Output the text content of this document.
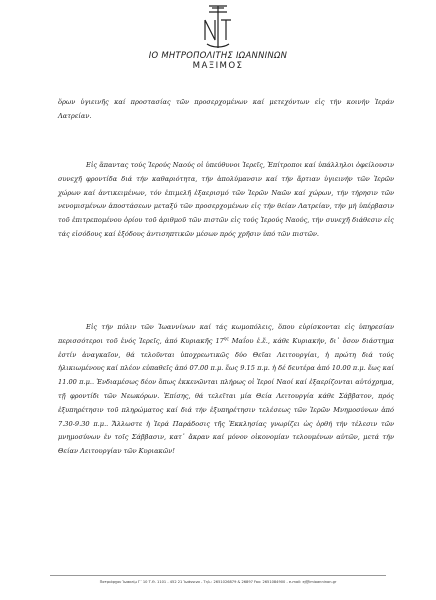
ΙΟ ΜΗΤΡΟΠΟΛΙΤΗΣ ΙΩΑΝΝΙΝΩΝ
ΜΑΞΙΜΟΣ
ὅρων ὑγιεινῆς καί προστασίας τῶν προσερχομένων καί μετεχόντων εἰς τήν κοινήν Ἱεράν Λατρείαν.
Εἰς ἅπαντας τούς Ἱερούς Ναούς οἱ ὑπεύθυνοι Ἱερεῖς, Ἐπίτροποι καί ὑπάλληλοι ὀφείλουσιν συνεχῆ φροντίδα διά τήν καθαριότητα, τήν ἀπολύμανσιν καί τήν ἄρτιαν ὑγιεινήν τῶν Ἱερῶν χώρων καί ἀντικειμένων, τόν ἐπιμελῆ ἐξαερισμό τῶν Ἱερῶν Ναῶν καί χώρων, τήν τήρησιν τῶν νενομισμένων ἀποστάσεων μεταξύ τῶν προσερχομένων εἰς τήν θείαν Λατρείαν, τήν μή ὑπέρβασιν τοῦ ἐπιτρεπομένου ὁρίου τοῦ ἀριθμοῦ τῶν πιστῶν εἰς τούς Ἱερούς Ναούς, τήν συνεχῆ διάθεσιν εἰς τάς εἰσόδους καί ἐξόδους ἀντισηπτικῶν μέσων πρός χρῆσιν ὑπό τῶν πιστῶν.
Εἰς τήν πόλιν τῶν Ἰωαννίνων καί τάς κωμοπόλεις, ὅπου εὑρίσκονται εἰς ὑπηρεσίαν περισσότεροι τοῦ ἑνός Ἱερεῖς, ἀπό Κυριακῆς $17^{\eta\varsigma}$ Μαΐου ἐ.ἔ., κάθε Κυριακήν, δι᾽ ὅσον διάστημα ἐστίν ἀναγκαῖον, θά τελοῦνται ὑποχρεωτικῶς δύο Θεῖαι Λειτουργίαι, ἡ πρώτη διά τούς ἡλικιωμένους καί πλέον εὐπαθεῖς ἀπό 07.00 π.μ. ἕως 9.15 π.μ. ἡ δέ δευτέρα ἀπό 10.00 π.μ. ἕως καί 11.00 π.μ.. Ἐνδιαμέσως δέον ὅπως ἐκκενῶνται πλήρως οἱ Ἱεροί Ναοί καί ἐξαερίζονται αὐτόχρημα, τῇ φροντίδι τῶν Νεωκόρων. Ἐπίσης, θά τελεῖται μία Θεία Λειτουργία κάθε Σάββατον, πρός ἐξυπηρέτησιν τοῦ πληρώματος καί διά τήν ἐξυπηρέτησιν τελέσεως τῶν Ἱερῶν Μνημοσύνων ἀπό 7.30-9.30 π.μ.. Ἄλλωστε ἡ Ἱερά Παράδοσις τῆς Ἐκκλησίας γνωρίζει ὡς ὀρθή τήν τέλεσιν τῶν μνημοσύνων ἐν τοῖς Σάββασιν, κατ᾽ ἄκραν καί μόνον οἰκονομίαν τελουμένων αὐτῶν, μετά τήν Θείαν Λειτουργίαν τῶν Κυριακῶν!
Πατριάρχου Ἰωακείμ Γ΄ 10 Τ.Θ. 1101 - 452 21 Ἰωάννινα - Τηλ.: 2651026879 & 26897 Fax: 2651084900 - e-mail: ej@imioanninon.gr
